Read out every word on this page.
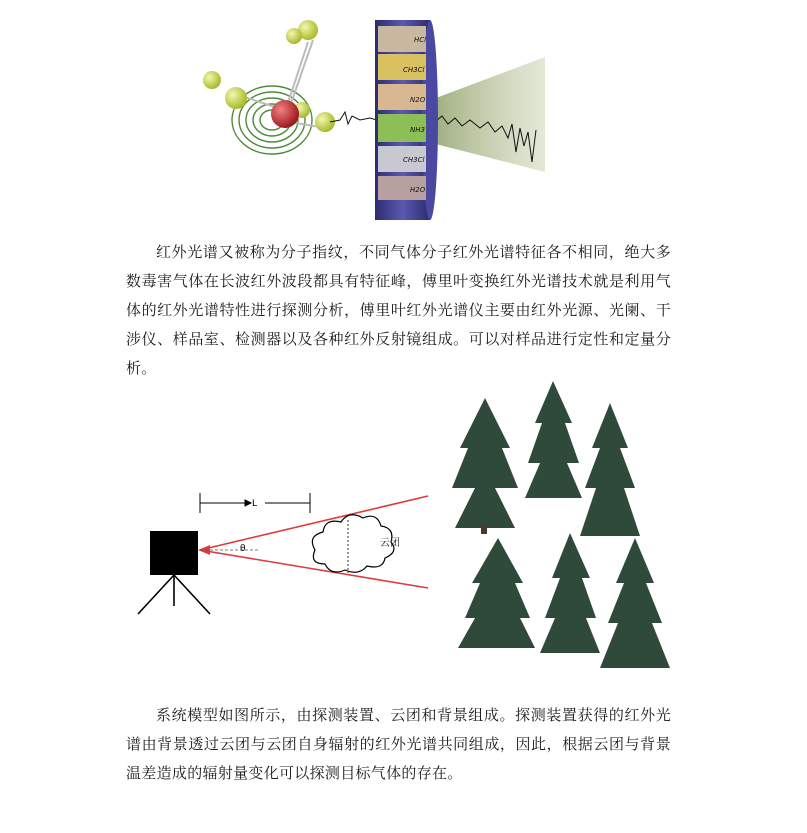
HCl
CH3Cl
N2O
NH3
CH3Cl
H2O

红外光谱又被称为分子指纹，不同气体分子红外光谱特征各不相同，绝大多数毒害气体在长波红外波段都具有特征峰，傅里叶变换红外光谱技术就是利用气体的红外光谱特性进行探测分析，傅里叶红外光谱仪主要由红外光源、光阑、干涉仪、样品室、检测器以及各种红外反射镜组成。可以对样品进行定性和定量分析。

L
θ	云团

系统模型如图所示，由探测装置、云团和背景组成。探测装置获得的红外光谱由背景透过云团与云团自身辐射的红外光谱共同组成，因此，根据云团与背景温差造成的辐射量变化可以探测目标气体的存在。
